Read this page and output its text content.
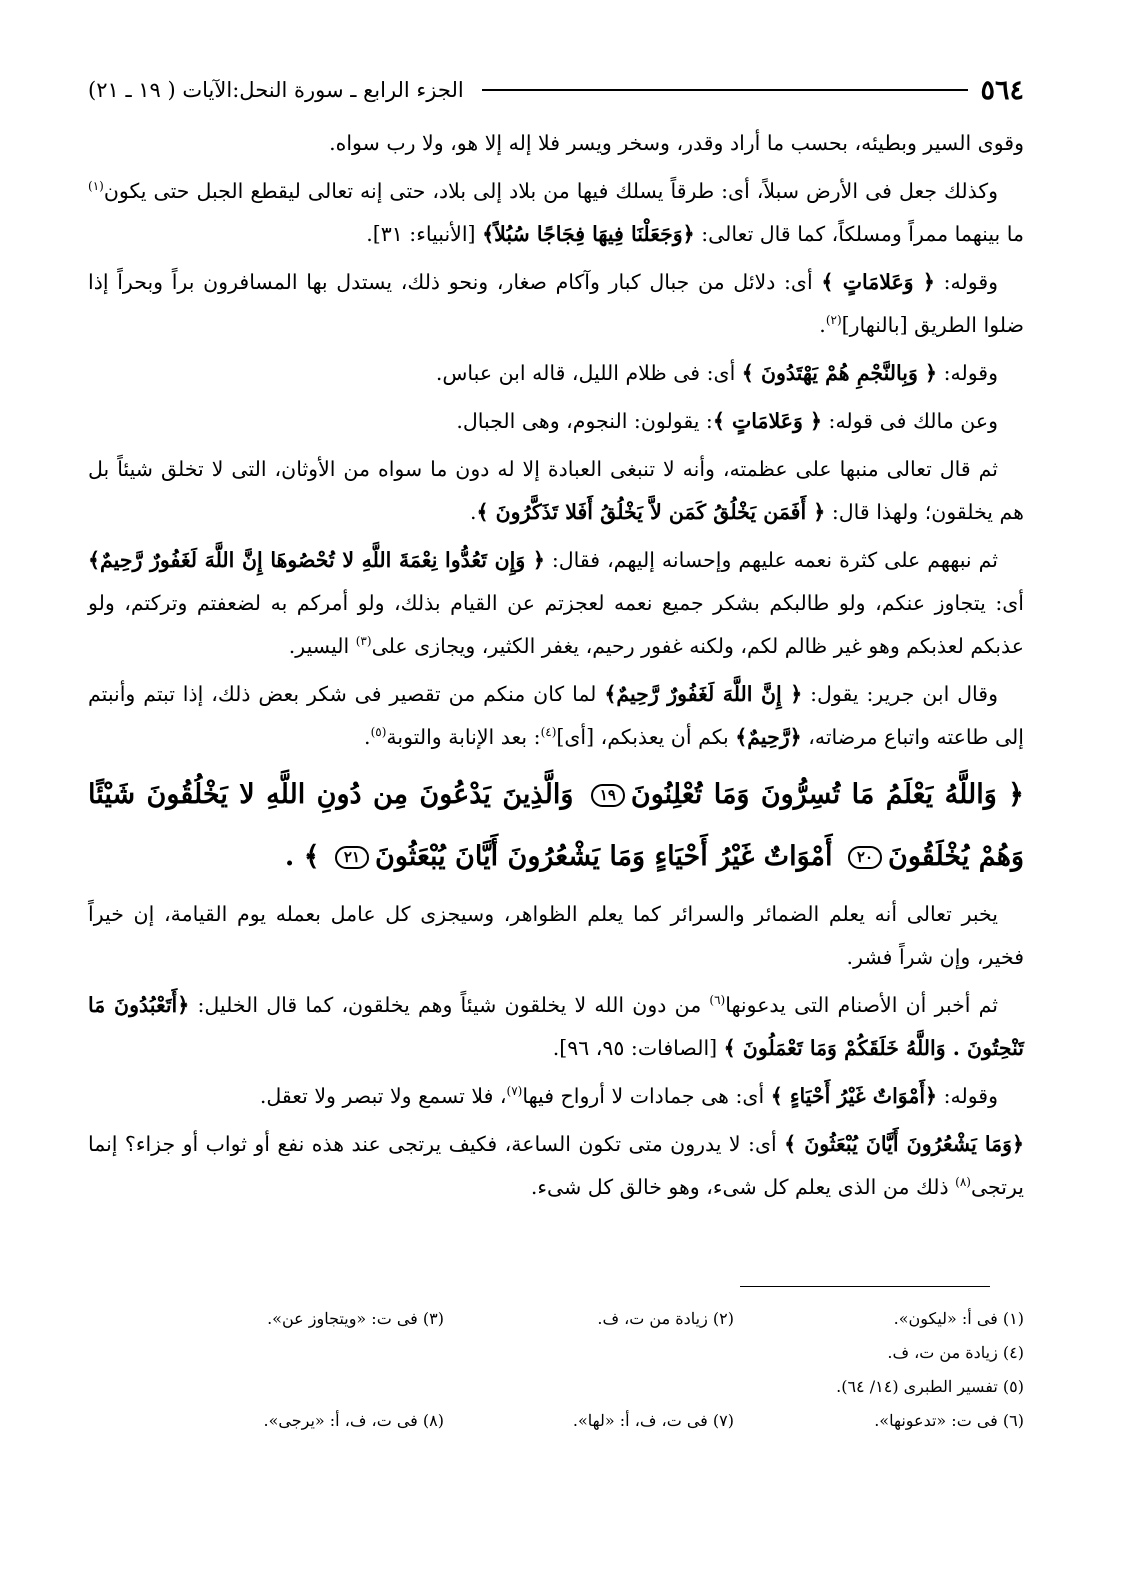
٥٦٤
الجزء الرابع ـ سورة النحل:الآيات ( ١٩ ـ ٢١)

وقوى السير وبطيئه، بحسب ما أراد وقدر، وسخر ويسر فلا إله إلا هو، ولا رب سواه.

وكذلك جعل فى الأرض سبلاً، أى: طرقاً يسلك فيها من بلاد إلى بلاد، حتى إنه تعالى ليقطع الجبل حتى يكون$^{(١)}$ ما بينهما ممراً ومسلكاً، كما قال تعالى: ﴿وَجَعَلْنَا فِيهَا فِجَاجًا سُبُلاً﴾ [الأنبياء: ٣١].

وقوله: ﴿ وَعَلامَاتٍ ﴾ أى: دلائل من جبال كبار وآكام صغار، ونحو ذلك، يستدل بها المسافرون براً وبحراً إذا ضلوا الطريق [بالنهار]$^{(٢)}$.

وقوله: ﴿ وَبِالنَّجْمِ هُمْ يَهْتَدُونَ ﴾ أى: فى ظلام الليل، قاله ابن عباس.

وعن مالك فى قوله: ﴿ وَعَلامَاتٍ ﴾: يقولون: النجوم، وهى الجبال.

ثم قال تعالى منبها على عظمته، وأنه لا تنبغى العبادة إلا له دون ما سواه من الأوثان، التى لا تخلق شيئاً بل هم يخلقون؛ ولهذا قال: ﴿ أَفَمَن يَخْلُقُ كَمَن لاَّ يَخْلُقُ أَفَلا تَذَكَّرُونَ ﴾.

ثم نبههم على كثرة نعمه عليهم وإحسانه إليهم، فقال: ﴿ وَإِن تَعُدُّوا نِعْمَةَ اللَّهِ لا تُحْصُوهَا إِنَّ اللَّهَ لَغَفُورٌ رَّحِيمٌ﴾ أى: يتجاوز عنكم، ولو طالبكم بشكر جميع نعمه لعجزتم عن القيام بذلك، ولو أمركم به لضعفتم وتركتم، ولو عذبكم لعذبكم وهو غير ظالم لكم، ولكنه غفور رحيم، يغفر الكثير، ويجازى على$^{(٣)}$ اليسير.

وقال ابن جرير: يقول: ﴿ إِنَّ اللَّهَ لَغَفُورٌ رَّحِيمٌ﴾ لما كان منكم من تقصير فى شكر بعض ذلك، إذا تبتم وأنبتم إلى طاعته واتباع مرضاته، ﴿رَّحِيمٌ﴾ بكم أن يعذبكم، [أى]$^{(٤)}$: بعد الإنابة والتوبة$^{(٥)}$.

﴿ وَاللَّهُ يَعْلَمُ مَا تُسِرُّونَ وَمَا تُعْلِنُونَ١٩ وَالَّذِينَ يَدْعُونَ مِن دُونِ اللَّهِ لا يَخْلُقُونَ شَيْئًا وَهُمْ يُخْلَقُونَ٢٠ أَمْوَاتٌ غَيْرُ أَحْيَاءٍ وَمَا يَشْعُرُونَ أَيَّانَ يُبْعَثُونَ٢١ ﴾ .

يخبر تعالى أنه يعلم الضمائر والسرائر كما يعلم الظواهر، وسيجزى كل عامل بعمله يوم القيامة، إن خيراً فخير، وإن شراً فشر.

ثم أخبر أن الأصنام التى يدعونها$^{(٦)}$ من دون الله لا يخلقون شيئاً وهم يخلقون، كما قال الخليل: ﴿أَتَعْبُدُونَ مَا تَنْحِتُونَ . وَاللَّهُ خَلَقَكُمْ وَمَا تَعْمَلُونَ ﴾ [الصافات: ٩٥، ٩٦].

وقوله: ﴿أَمْوَاتٌ غَيْرُ أَحْيَاءٍ ﴾ أى: هى جمادات لا أرواح فيها$^{(٧)}$، فلا تسمع ولا تبصر ولا تعقل.

﴿وَمَا يَشْعُرُونَ أَيَّانَ يُبْعَثُونَ ﴾ أى: لا يدرون متى تكون الساعة، فكيف يرتجى عند هذه نفع أو ثواب أو جزاء؟ إنما يرتجى$^{(٨)}$ ذلك من الذى يعلم كل شىء، وهو خالق كل شىء.

(١) فى أ: «ليكون».
(٢) زيادة من ت، ف.
(٣) فى ت: «ويتجاوز عن».
(٤) زيادة من ت، ف.
(٥) تفسير الطبرى (١٤/ ٦٤).
(٦) فى ت: «تدعونها».
(٧) فى ت، ف، أ: «لها».
(٨) فى ت، ف، أ: «يرجى».
